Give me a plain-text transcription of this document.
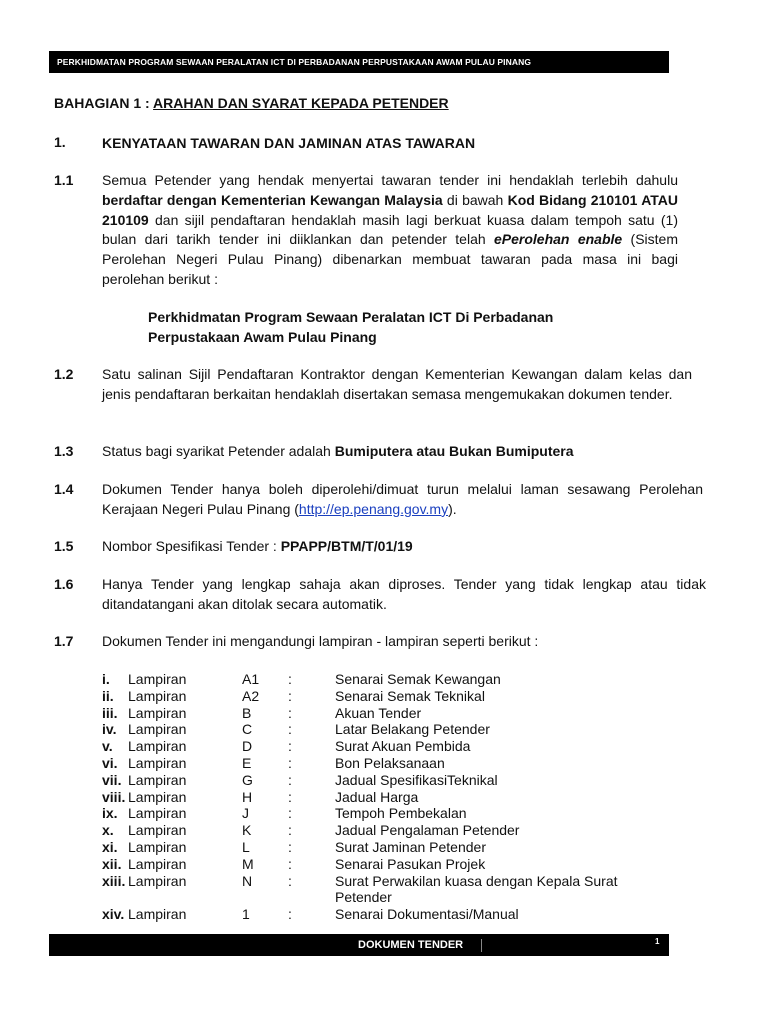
PERKHIDMATAN PROGRAM SEWAAN PERALATAN ICT DI PERBADANAN PERPUSTAKAAN AWAM PULAU PINANG
BAHAGIAN 1 : ARAHAN DAN SYARAT KEPADA PETENDER
1.	KENYATAAN TAWARAN DAN JAMINAN ATAS TAWARAN
1.1 Semua Petender yang hendak menyertai tawaran tender ini hendaklah terlebih dahulu berdaftar dengan Kementerian Kewangan Malaysia di bawah Kod Bidang 210101 ATAU 210109 dan sijil pendaftaran hendaklah masih lagi berkuat kuasa dalam tempoh satu (1) bulan dari tarikh tender ini diiklankan dan petender telah ePerolehan enable (Sistem Perolehan Negeri Pulau Pinang) dibenarkan membuat tawaran pada masa ini bagi perolehan berikut :
Perkhidmatan Program Sewaan Peralatan ICT Di Perbadanan Perpustakaan Awam Pulau Pinang
1.2 Satu salinan Sijil Pendaftaran Kontraktor dengan Kementerian Kewangan dalam kelas dan jenis pendaftaran berkaitan hendaklah disertakan semasa mengemukakan dokumen tender.
1.3 Status bagi syarikat Petender adalah Bumiputera atau Bukan Bumiputera
1.4 Dokumen Tender hanya boleh diperolehi/dimuat turun melalui laman sesawang Perolehan Kerajaan Negeri Pulau Pinang (http://ep.penang.gov.my).
1.5 Nombor Spesifikasi Tender : PPAPP/BTM/T/01/19
1.6 Hanya Tender yang lengkap sahaja akan diproses. Tender yang tidak lengkap atau tidak ditandatangani akan ditolak secara automatik.
1.7 Dokumen Tender ini mengandungi lampiran - lampiran seperti berikut :
i.	Lampiran	A1 :	Senarai Semak Kewangan
ii.	Lampiran	A2 :	Senarai Semak Teknikal
iii. Lampiran	B	:	Akuan Tender
iv. Lampiran	C	:	Latar Belakang Petender
v.	Lampiran	D	:	Surat Akuan Pembida
vi. Lampiran	E	:	Bon Pelaksanaan
vii. Lampiran	G	:	Jadual SpesifikasiTeknikal
viii. Lampiran	H	:	Jadual Harga
ix. Lampiran	J	:	Tempoh Pembekalan
x.	Lampiran	K	:	Jadual Pengalaman Petender
xi. Lampiran	L	:	Surat Jaminan Petender
xii. Lampiran	M :	Senarai Pasukan Projek
xiii. Lampiran	N	:	Surat Perwakilan kuasa dengan Kepala Surat Petender
xiv. Lampiran	1	:	Senarai Dokumentasi/Manual
DOKUMEN TENDER	1
